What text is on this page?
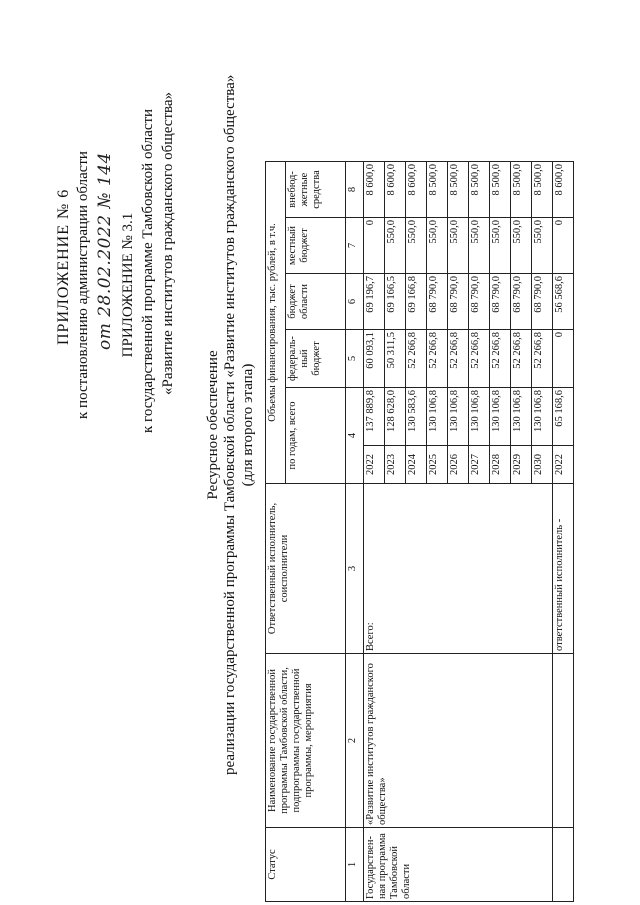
ПРИЛОЖЕНИЕ № 6 к постановлению администрации области от 28.02.2022 № 144 ПРИЛОЖЕНИЕ № 3.1 к государственной программе Тамбовской области «Развитие институтов гражданского общества»
Ресурсное обеспечение реализации государственной программы Тамбовской области «Развитие институтов гражданского общества» (для второго этапа)
Статус	Наименование государственной программы Тамбовской области, подпрограммы государственной программы, мероприятия	Ответственный исполнитель, соисполнители	Объемы финансирования, тыс. рублей, в т.ч.					
			по годам, всего		федераль-ный бюджет	бюджет области	местный бюджет	внебюд-жетные средства
1	2	3	4		5	6	7	8
Государствен-ная программа Тамбовской области	«Развитие институтов гражданского общества»	Всего:	2022	137 889,8	60 093,1	69 196,7	0	8 600,0
			2023	128 628,0	50 311,5	69 166,5	550,0	8 600,0
			2024	130 583,6	52 266,8	69 166,8	550,0	8 600,0
			2025	130 106,8	52 266,8	68 790,0	550,0	8 500,0
			2026	130 106,8	52 266,8	68 790,0	550,0	8 500,0
			2027	130 106,8	52 266,8	68 790,0	550,0	8 500,0
			2028	130 106,8	52 266,8	68 790,0	550,0	8 500,0
			2029	130 106,8	52 266,8	68 790,0	550,0	8 500,0
			2030	130 106,8	52 266,8	68 790,0	550,0	8 500,0
		ответственный исполнитель -	2022	65 168,6	0	56 568,6	0	8 600,0
